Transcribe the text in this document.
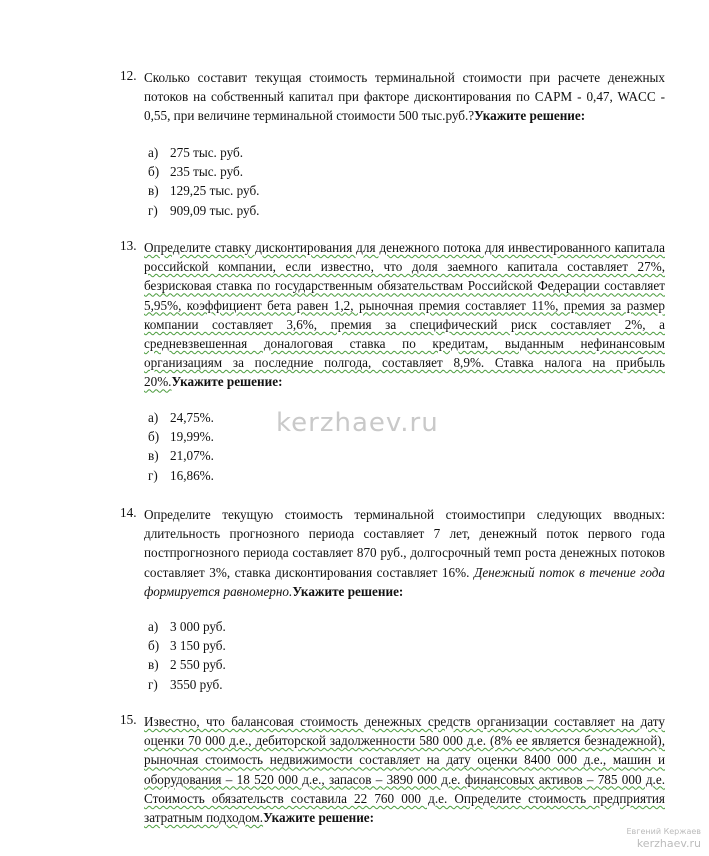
12. Сколько составит текущая стоимость терминальной стоимости при расчете денежных потоков на собственный капитал при факторе дисконтирования по CAPM - 0,47, WACC - 0,55, при величине терминальной стоимости 500 тыс.руб.?Укажите решение:
а) 275 тыс. руб.
б) 235 тыс. руб.
в) 129,25 тыс. руб.
г) 909,09 тыс. руб.
13. Определите ставку дисконтирования для денежного потока для инвестированного капитала российской компании, если известно, что доля заемного капитала составляет 27%, безрисковая ставка по государственным обязательствам Российской Федерации составляет 5,95%, коэффициент бета равен 1,2, рыночная премия составляет 11%, премия за размер компании составляет 3,6%, премия за специфический риск составляет 2%, а средневзвешенная доналоговая ставка по кредитам, выданным нефинансовым организациям за последние полгода, составляет 8,9%. Ставка налога на прибыль 20%.Укажите решение:
а) 24,75%.
б) 19,99%.
в) 21,07%.
г) 16,86%.
14. Определите текущую стоимость терминальной стоимостипри следующих вводных: длительность прогнозного периода составляет 7 лет, денежный поток первого года постпрогнозного периода составляет 870 руб., долгосрочный темп роста денежных потоков составляет 3%, ставка дисконтирования составляет 16%. Денежный поток в течение года формируется равномерно.Укажите решение:
а) 3 000 руб.
б) 3 150 руб.
в) 2 550 руб.
г) 3550 руб.
15. Известно, что балансовая стоимость денежных средств организации составляет на дату оценки 70 000 д.е., дебиторской задолженности 580 000 д.е. (8% ее является безнадежной), рыночная стоимость недвижимости составляет на дату оценки 8400 000 д.е., машин и оборудования – 18 520 000 д.е., запасов – 3890 000 д.е. финансовых активов – 785 000 д.е. Стоимость обязательств составила 22 760 000 д.е. Определите стоимость предприятия затратным подходом.Укажите решение:
kerzhaev.ru
Евгений Кержаев
kerzhaev.ru
